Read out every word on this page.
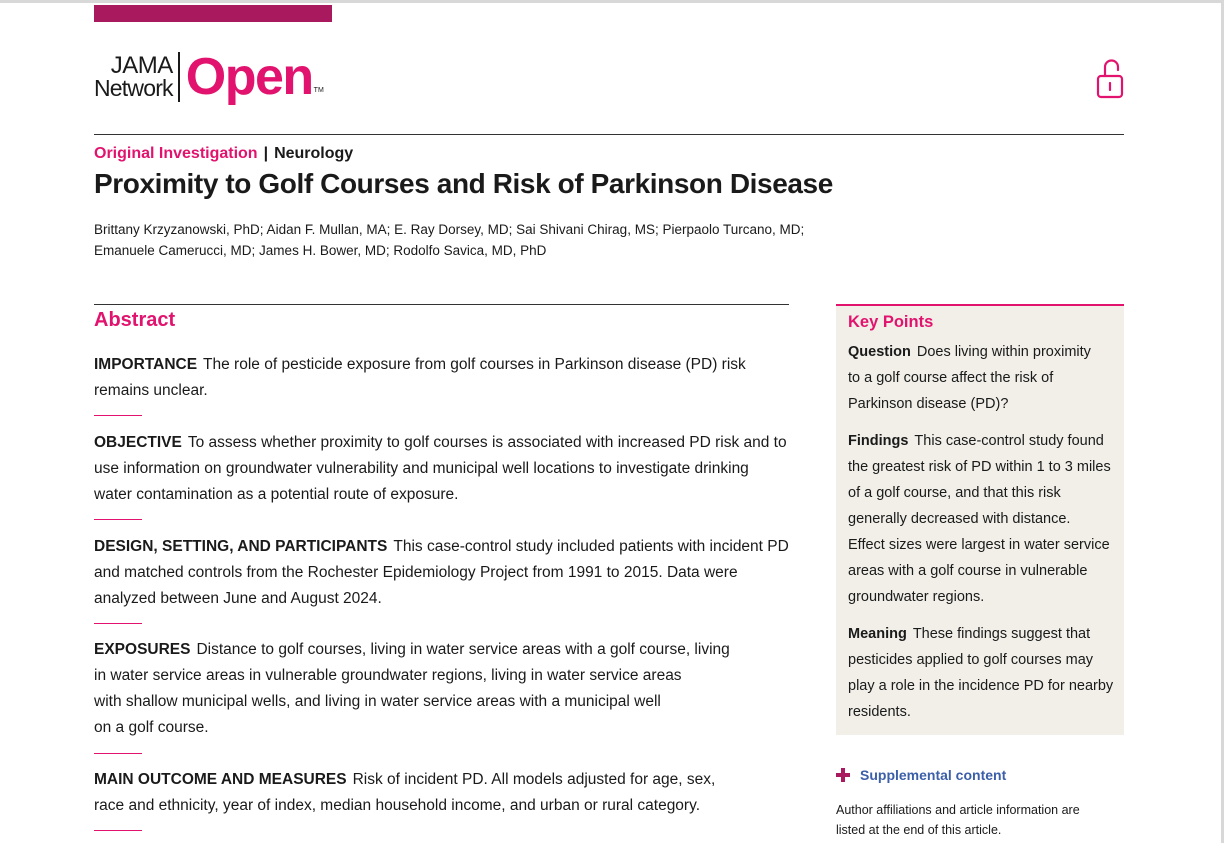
JAMA
Network Open TM
Original Investigation | Neurology
Proximity to Golf Courses and Risk of Parkinson Disease
Brittany Krzyzanowski, PhD; Aidan F. Mullan, MA; E. Ray Dorsey, MD; Sai Shivani Chirag, MS; Pierpaolo Turcano, MD;
Emanuele Camerucci, MD; James H. Bower, MD; Rodolfo Savica, MD, PhD
Abstract
IMPORTANCE The role of pesticide exposure from golf courses in Parkinson disease (PD) risk
remains unclear.
OBJECTIVE To assess whether proximity to golf courses is associated with increased PD risk and to
use information on groundwater vulnerability and municipal well locations to investigate drinking
water contamination as a potential route of exposure.
DESIGN, SETTING, AND PARTICIPANTS This case-control study included patients with incident PD
and matched controls from the Rochester Epidemiology Project from 1991 to 2015. Data were
analyzed between June and August 2024.
EXPOSURES Distance to golf courses, living in water service areas with a golf course, living
in water service areas in vulnerable groundwater regions, living in water service areas
with shallow municipal wells, and living in water service areas with a municipal well
on a golf course.
MAIN OUTCOME AND MEASURES Risk of incident PD. All models adjusted for age, sex,
race and ethnicity, year of index, median household income, and urban or rural category.
Key Points
Question Does living within proximity
to a golf course affect the risk of
Parkinson disease (PD)?
Findings This case-control study found
the greatest risk of PD within 1 to 3 miles
of a golf course, and that this risk
generally decreased with distance.
Effect sizes were largest in water service
areas with a golf course in vulnerable
groundwater regions.
Meaning These findings suggest that
pesticides applied to golf courses may
play a role in the incidence PD for nearby
residents.
Supplemental content
Author affiliations and article information are
listed at the end of this article.
